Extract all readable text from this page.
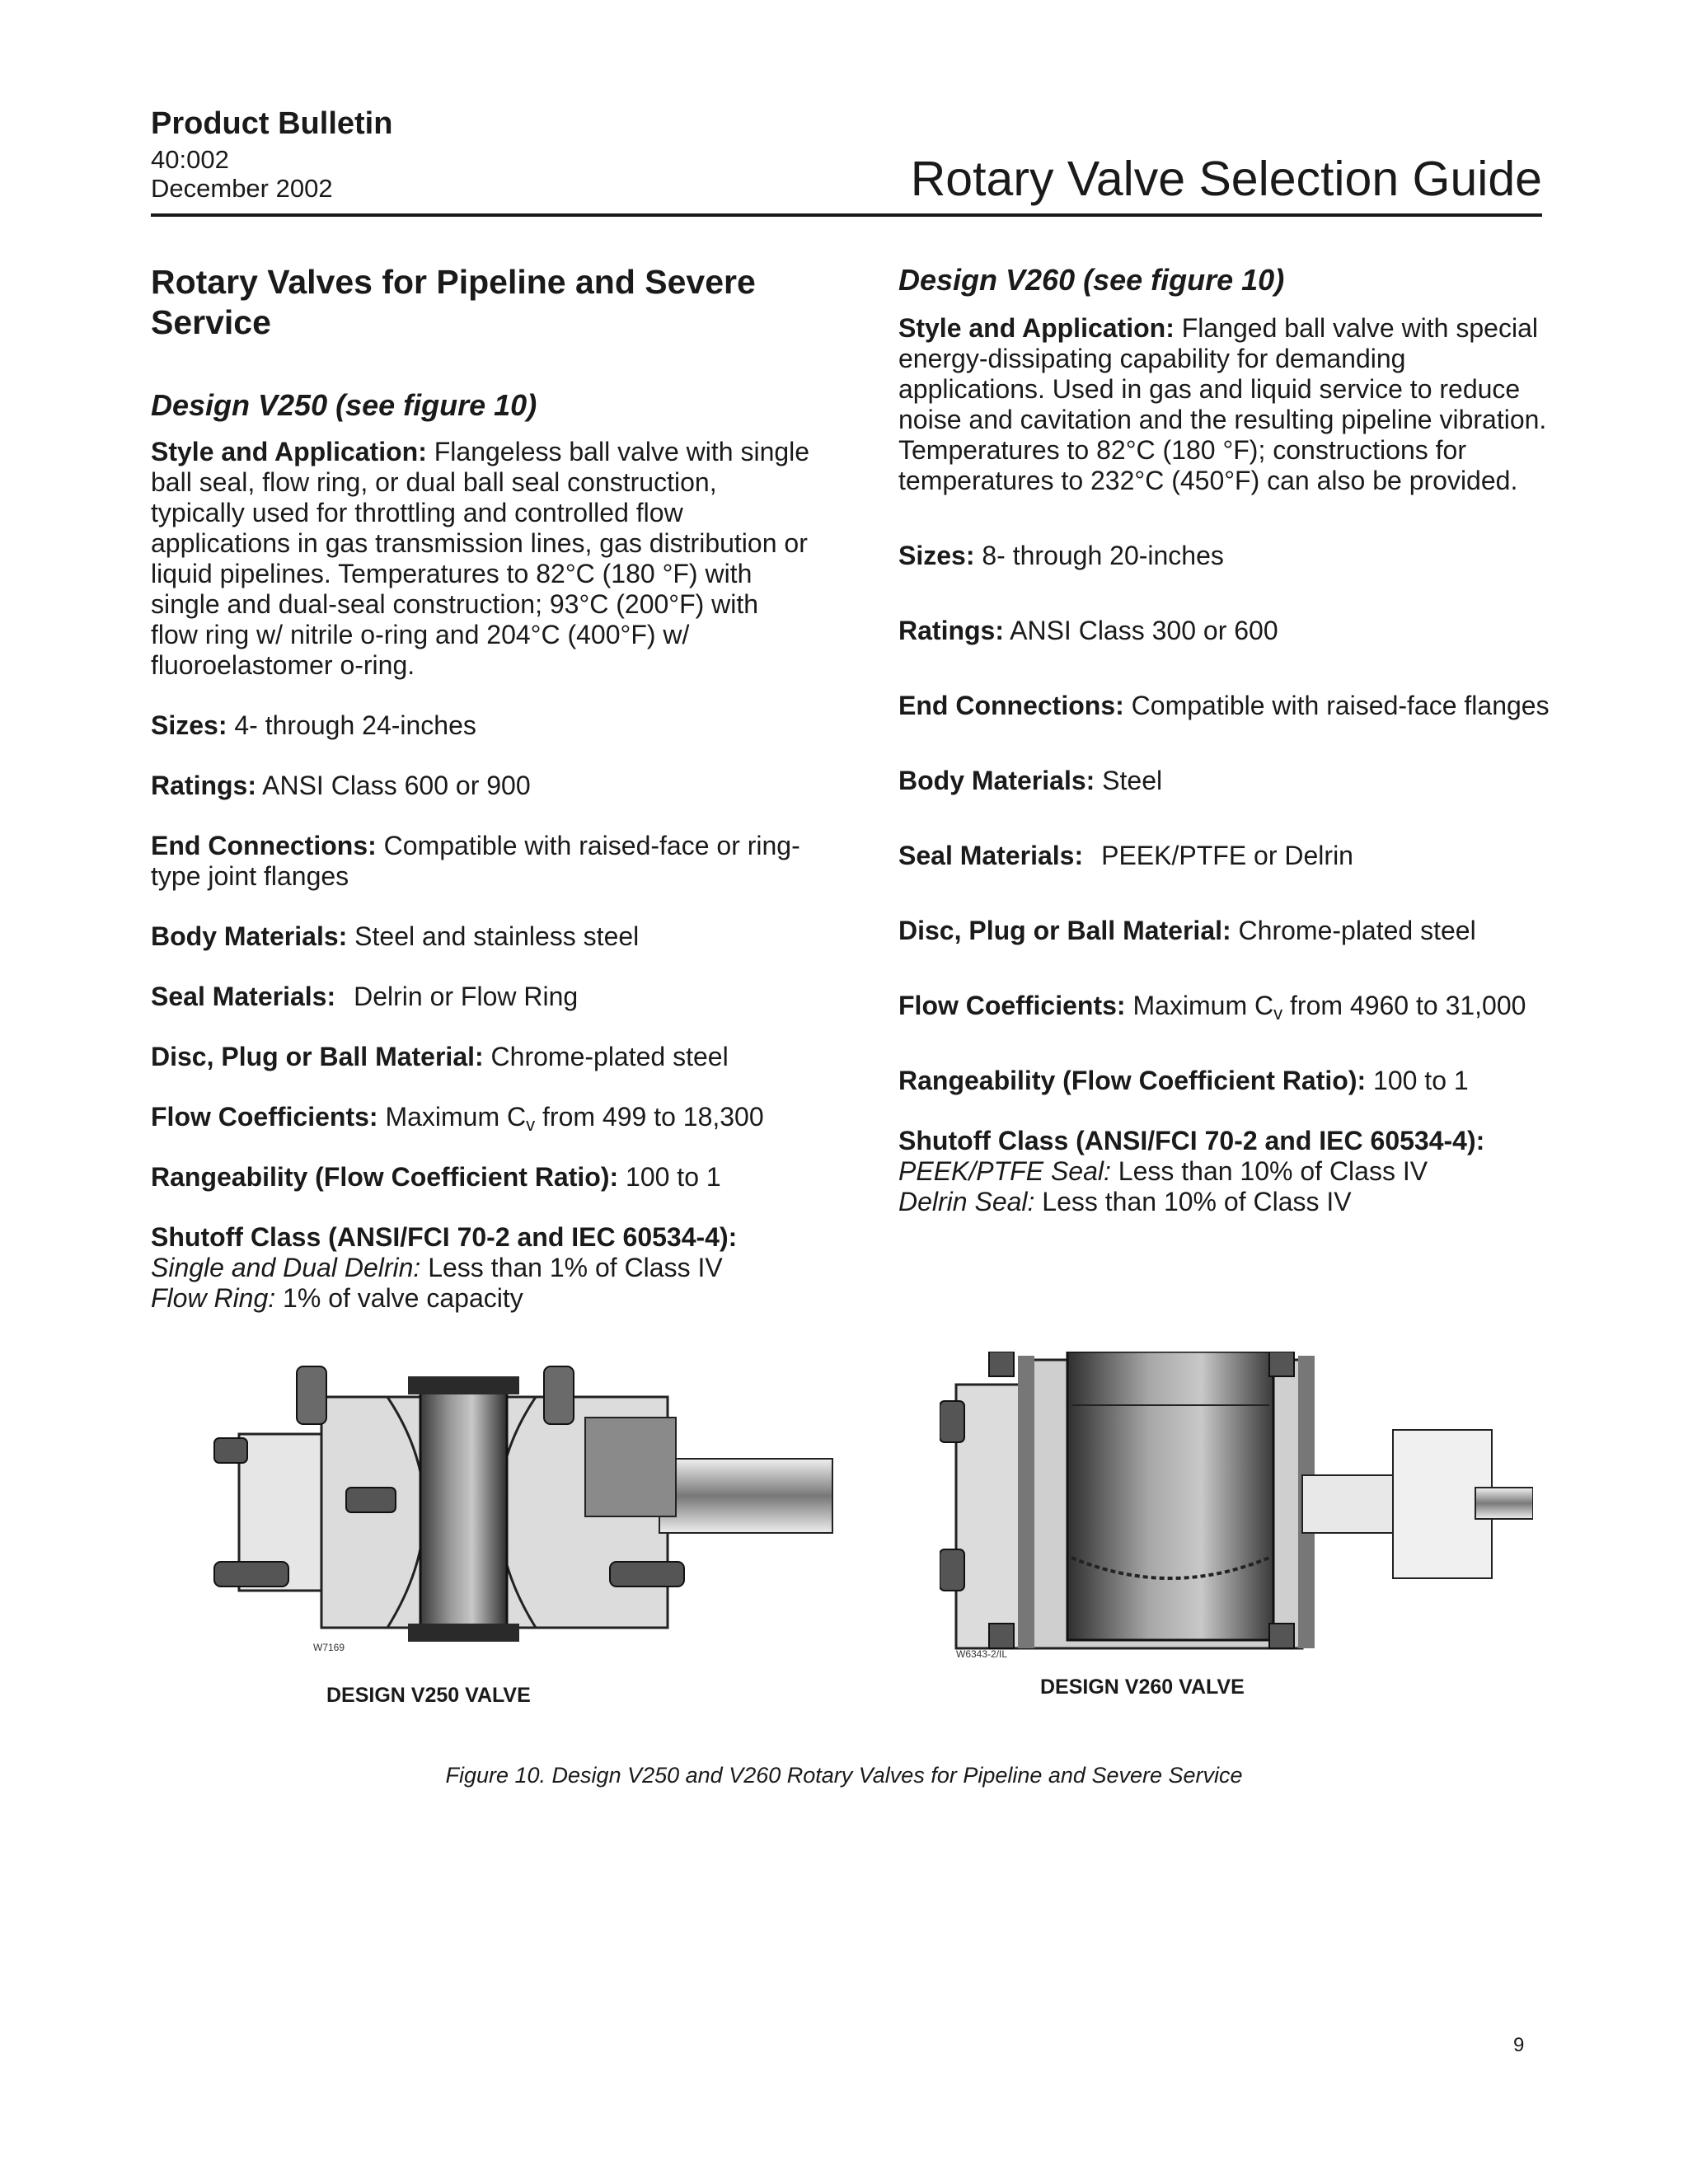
Product Bulletin
40:002
December 2002	Rotary Valve Selection Guide
Rotary Valves for Pipeline and Severe Service
Design V250 (see figure 10)
Style and Application: Flangeless ball valve with single ball seal, flow ring, or dual ball seal construction, typically used for throttling and controlled flow applications in gas transmission lines, gas distribution or liquid pipelines. Temperatures to 82°C (180 °F) with single and dual-seal construction; 93°C (200°F) with flow ring w/ nitrile o-ring and 204°C (400°F) w/ fluoroelastomer o-ring.
Sizes: 4- through 24-inches
Ratings: ANSI Class 600 or 900
End Connections: Compatible with raised-face or ring-type joint flanges
Body Materials: Steel and stainless steel
Seal Materials: Delrin or Flow Ring
Disc, Plug or Ball Material: Chrome-plated steel
Flow Coefficients: Maximum $C_v$ from 499 to 18,300
Rangeability (Flow Coefficient Ratio): 100 to 1
Shutoff Class (ANSI/FCI 70-2 and IEC 60534-4):
Single and Dual Delrin: Less than 1% of Class IV
Flow Ring: 1% of valve capacity
Design V260 (see figure 10)
Style and Application: Flanged ball valve with special energy-dissipating capability for demanding applications. Used in gas and liquid service to reduce noise and cavitation and the resulting pipeline vibration. Temperatures to 82°C (180 °F); constructions for temperatures to 232°C (450°F) can also be provided.
Sizes: 8- through 20-inches
Ratings: ANSI Class 300 or 600
End Connections: Compatible with raised-face flanges
Body Materials: Steel
Seal Materials: PEEK/PTFE or Delrin
Disc, Plug or Ball Material: Chrome-plated steel
Flow Coefficients: Maximum $C_v$ from 4960 to 31,000
Rangeability (Flow Coefficient Ratio): 100 to 1
Shutoff Class (ANSI/FCI 70-2 and IEC 60534-4):
PEEK/PTFE Seal: Less than 10% of Class IV
Delrin Seal: Less than 10% of Class IV
W7169
DESIGN V250 VALVE
W6343-2/IL
DESIGN V260 VALVE
Figure 10. Design V250 and V260 Rotary Valves for Pipeline and Severe Service
9
